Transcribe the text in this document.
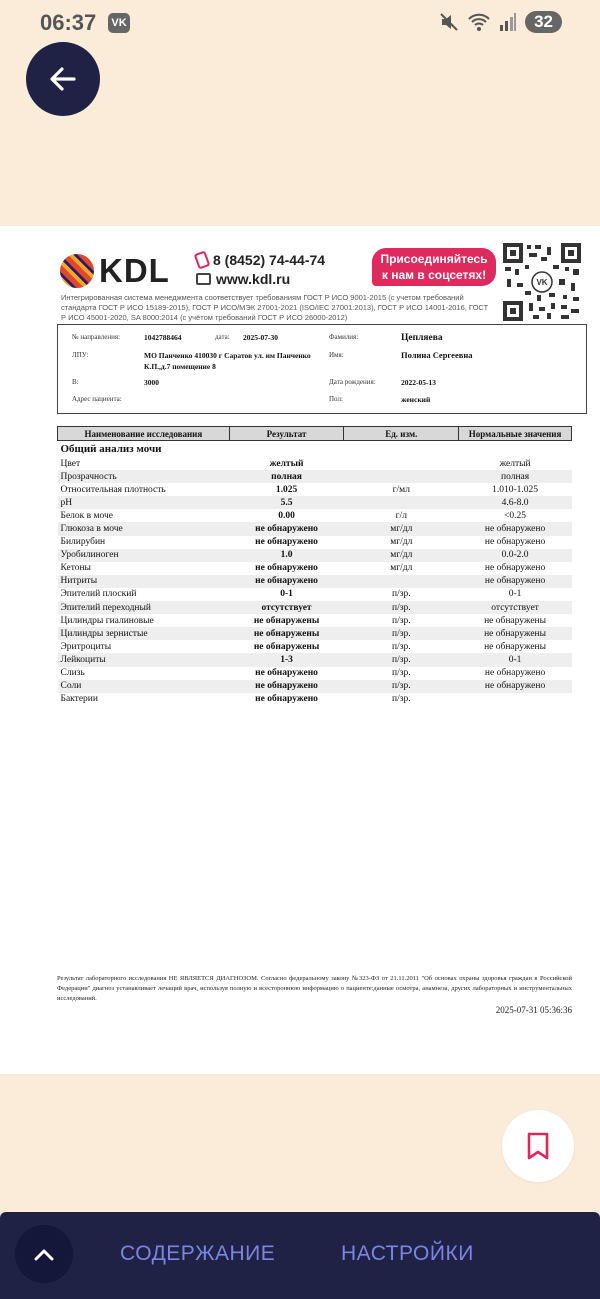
06:37	VK	32
KDL	8 (8452) 74-44-74
www.kdl.ru
Присоединяйтесь
к нам в соцсетях!
VK
Интегрированная система менеджмента соответствует требованиям ГОСТ Р ИСО 9001-2015 (с учетом требований стандарта ГОСТ Р ИСО 15189-2015), ГОСТ Р ИСО/МЭК 27001-2021 (ISO/IEC 27001:2013), ГОСТ Р ИСО 14001-2016, ГОСТ Р ИСО 45001-2020, SA 8000:2014 (с учётом требований ГОСТ Р ИСО 26000-2012)
№ направления:	1042788464	дата: 2025-07-30	Фамилия:	Цепляева
ЛПУ:	МО Панченко 410030 г Саратов ул. им Панченко К.П.,д.7 помещение 8
Имя:	Полина Сергеевна
В:	3000	Дата рождения:	2022-05-13
Адрес пациента:	Пол:	женский
Наименование исследования	Результат	Ед. изм.	Нормальные значения
Общий анализ мочи			
Цвет	желтый		желтый
Прозрачность	полная		полная
Относительная плотность	1.025	г/мл	1.010-1.025
pH	5.5		4.6-8.0
Белок в моче	0.00	г/л	<0.25
Глюкоза в моче	не обнаружено	мг/дл	не обнаружено
Билирубин	не обнаружено	мг/дл	не обнаружено
Уробилиноген	1.0	мг/дл	0.0-2.0
Кетоны	не обнаружено	мг/дл	не обнаружено
Нитриты	не обнаружено		не обнаружено
Эпителий плоский	0-1	п/зр.	0-1
Эпителий переходный	отсутствует	п/зр.	отсутствует
Цилиндры гиалиновые	не обнаружены	п/зр.	не обнаружены
Цилиндры зернистые	не обнаружены	п/зр.	не обнаружены
Эритроциты	не обнаружены	п/зр.	не обнаружены
Лейкоциты	1-3	п/зр.	0-1
Слизь	не обнаружено	п/зр.	не обнаружено
Соли	не обнаружено	п/зр.	не обнаружено
Бактерии	не обнаружено	п/зр.	
Результат лабораторного исследования НЕ ЯВЛЯЕТСЯ ДИАГНОЗОМ. Согласно федеральному закону №323-ФЗ от 21.11.2011 "Об основах охраны здоровья граждан в Российской Федерации" диагноз устанавливает лечащий врач, используя полную и всестороннюю информацию о пациенте:данные осмотра, анамнеза, других лабораторных и инструментальных исследований.
2025-07-31 05:36:36
СОДЕРЖАНИЕ	НАСТРОЙКИ
